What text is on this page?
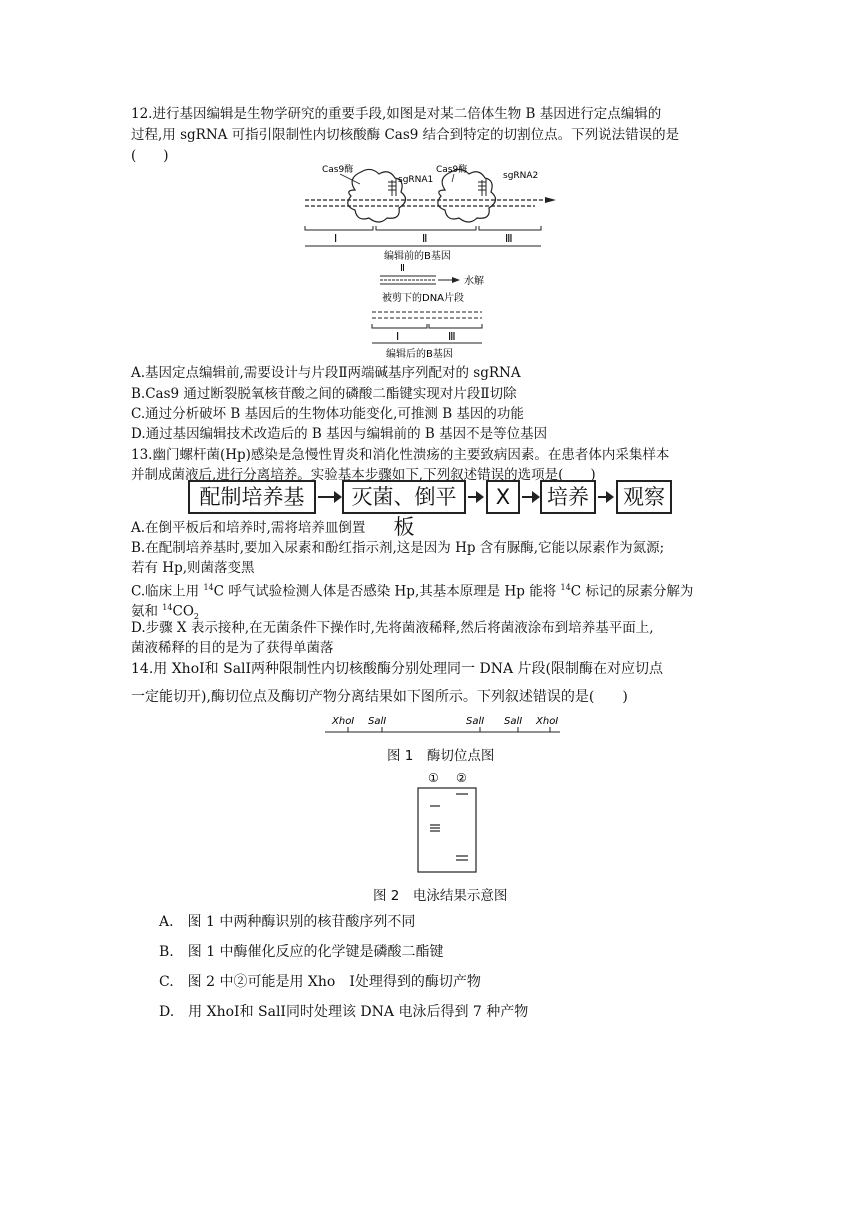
12.进行基因编辑是生物学研究的重要手段,如图是对某二倍体生物 B 基因进行定点编辑的
过程,用 sgRNA 可指引限制性内切核酸酶 Cas9 结合到特定的切割位点。下列说法错误的是
(　　)
Cas9酶	Cas9酶
sgRNA1	sgRNA2
Ⅰ	Ⅱ	Ⅲ
编辑前的B基因
Ⅱ
水解
被剪下的DNA片段
Ⅰ	Ⅲ
编辑后的B基因
A.基因定点编辑前,需要设计与片段Ⅱ两端碱基序列配对的 sgRNA
B.Cas9 通过断裂脱氧核苷酸之间的磷酸二酯键实现对片段Ⅱ切除
C.通过分析破坏 B 基因后的生物体功能变化,可推测 B 基因的功能
D.通过基因编辑技术改造后的 B 基因与编辑前的 B 基因不是等位基因
13.幽门螺杆菌(Hp)感染是急慢性胃炎和消化性溃疡的主要致病因素。在患者体内采集样本
并制成菌液后,进行分离培养。实验基本步骤如下,下列叙述错误的选项是(　　)
配制培养基	灭菌、倒平板
X	培养	观察
A.在倒平板后和培养时,需将培养皿倒置
B.在配制培养基时,要加入尿素和酚红指示剂,这是因为 Hp 含有脲酶,它能以尿素作为氮源;
若有 Hp,则菌落变黑
C.临床上用 $^{14}$C 呼气试验检测人体是否感染 Hp,其基本原理是 Hp 能将 $^{14}$C 标记的尿素分解为
氨和 $^{14}CO_2$
D.步骤 X 表示接种,在无菌条件下操作时,先将菌液稀释,然后将菌液涂布到培养基平面上,
菌液稀释的目的是为了获得单菌落
14.用 XhoⅠ和 SalⅠ两种限制性内切核酸酶分别处理同一 DNA 片段(限制酶在对应切点
一定能切开),酶切位点及酶切产物分离结果如下图所示。下列叙述错误的是(　　)
XhoⅠ SalⅠ	SalⅠ SalⅠ XhoⅠ
图 1　酶切位点图
① ②
图 2　电泳结果示意图
A.　图 1 中两种酶识别的核苷酸序列不同
B.　图 1 中酶催化反应的化学键是磷酸二酯键
C.　图 2 中②可能是用 Xho　Ⅰ处理得到的酶切产物
D.　用 XhoⅠ和 SalⅠ同时处理该 DNA 电泳后得到 7 种产物
